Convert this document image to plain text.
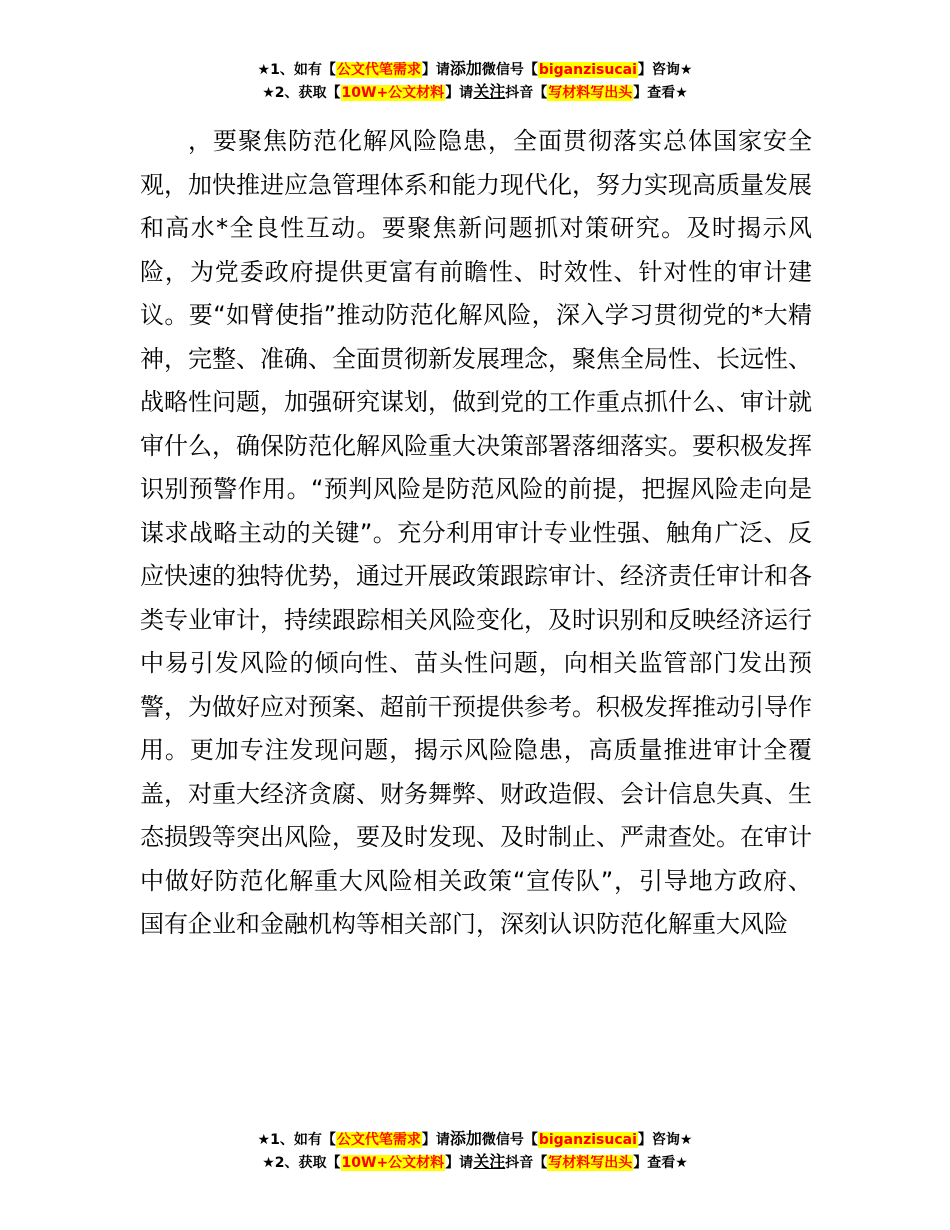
★1、如有【公文代笔需求】请添加微信号【biganzisucai】咨询★
★2、获取【10W+公文材料】请关注抖音【写材料写出头】查看★

，要聚焦防范化解风险隐患，全面贯彻落实总体国家安全观，加快推进应急管理体系和能力现代化，努力实现高质量发展和高水*全良性互动。要聚焦新问题抓对策研究。及时揭示风险，为党委政府提供更富有前瞻性、时效性、针对性的审计建议。要“如臂使指”推动防范化解风险，深入学习贯彻党的*大精神，完整、准确、全面贯彻新发展理念，聚焦全局性、长远性、战略性问题，加强研究谋划，做到党的工作重点抓什么、审计就审什么，确保防范化解风险重大决策部署落细落实。要积极发挥识别预警作用。“预判风险是防范风险的前提，把握风险走向是谋求战略主动的关键”。充分利用审计专业性强、触角广泛、反应快速的独特优势，通过开展政策跟踪审计、经济责任审计和各类专业审计，持续跟踪相关风险变化，及时识别和反映经济运行中易引发风险的倾向性、苗头性问题，向相关监管部门发出预警，为做好应对预案、超前干预提供参考。积极发挥推动引导作用。更加专注发现问题，揭示风险隐患，高质量推进审计全覆盖，对重大经济贪腐、财务舞弊、财政造假、会计信息失真、生态损毁等突出风险，要及时发现、及时制止、严肃查处。在审计中做好防范化解重大风险相关政策“宣传队”，引导地方政府、国有企业和金融机构等相关部门，深刻认识防范化解重大风险

★1、如有【公文代笔需求】请添加微信号【biganzisucai】咨询★
★2、获取【10W+公文材料】请关注抖音【写材料写出头】查看★
